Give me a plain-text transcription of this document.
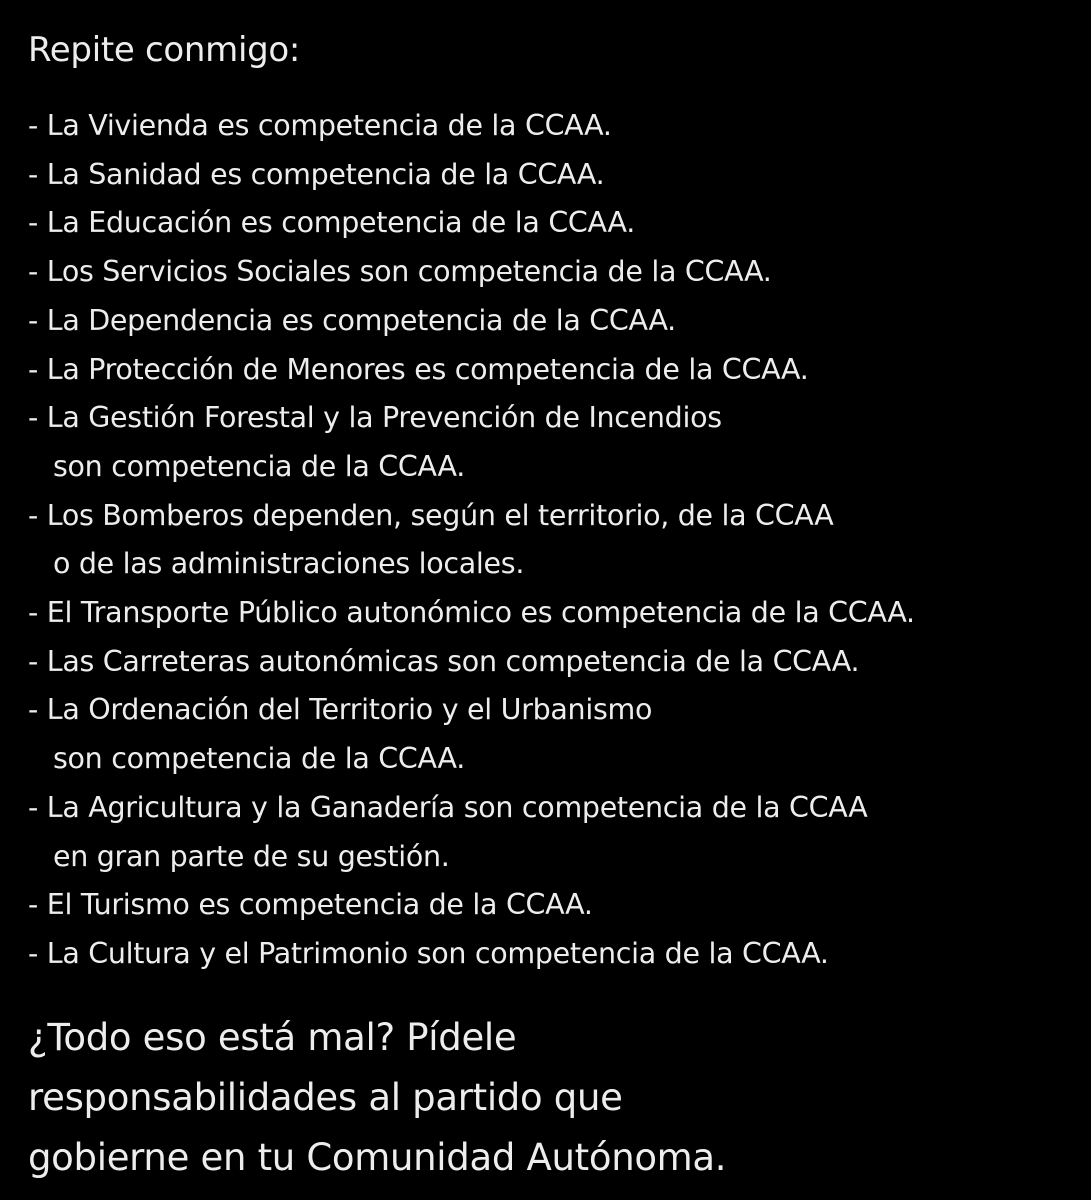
Repite conmigo:
- La Vivienda es competencia de la CCAA.
- La Sanidad es competencia de la CCAA.
- La Educación es competencia de la CCAA.
- Los Servicios Sociales son competencia de la CCAA.
- La Dependencia es competencia de la CCAA.
- La Protección de Menores es competencia de la CCAA.
- La Gestión Forestal y la Prevención de Incendios
son competencia de la CCAA.
- Los Bomberos dependen, según el territorio, de la CCAA
o de las administraciones locales.
- El Transporte Público autonómico es competencia de la CCAA.
- Las Carreteras autonómicas son competencia de la CCAA.
- La Ordenación del Territorio y el Urbanismo
son competencia de la CCAA.
- La Agricultura y la Ganadería son competencia de la CCAA
en gran parte de su gestión.
- El Turismo es competencia de la CCAA.
- La Cultura y el Patrimonio son competencia de la CCAA.
¿Todo eso está mal? Pídele
responsabilidades al partido que
gobierne en tu Comunidad Autónoma.
